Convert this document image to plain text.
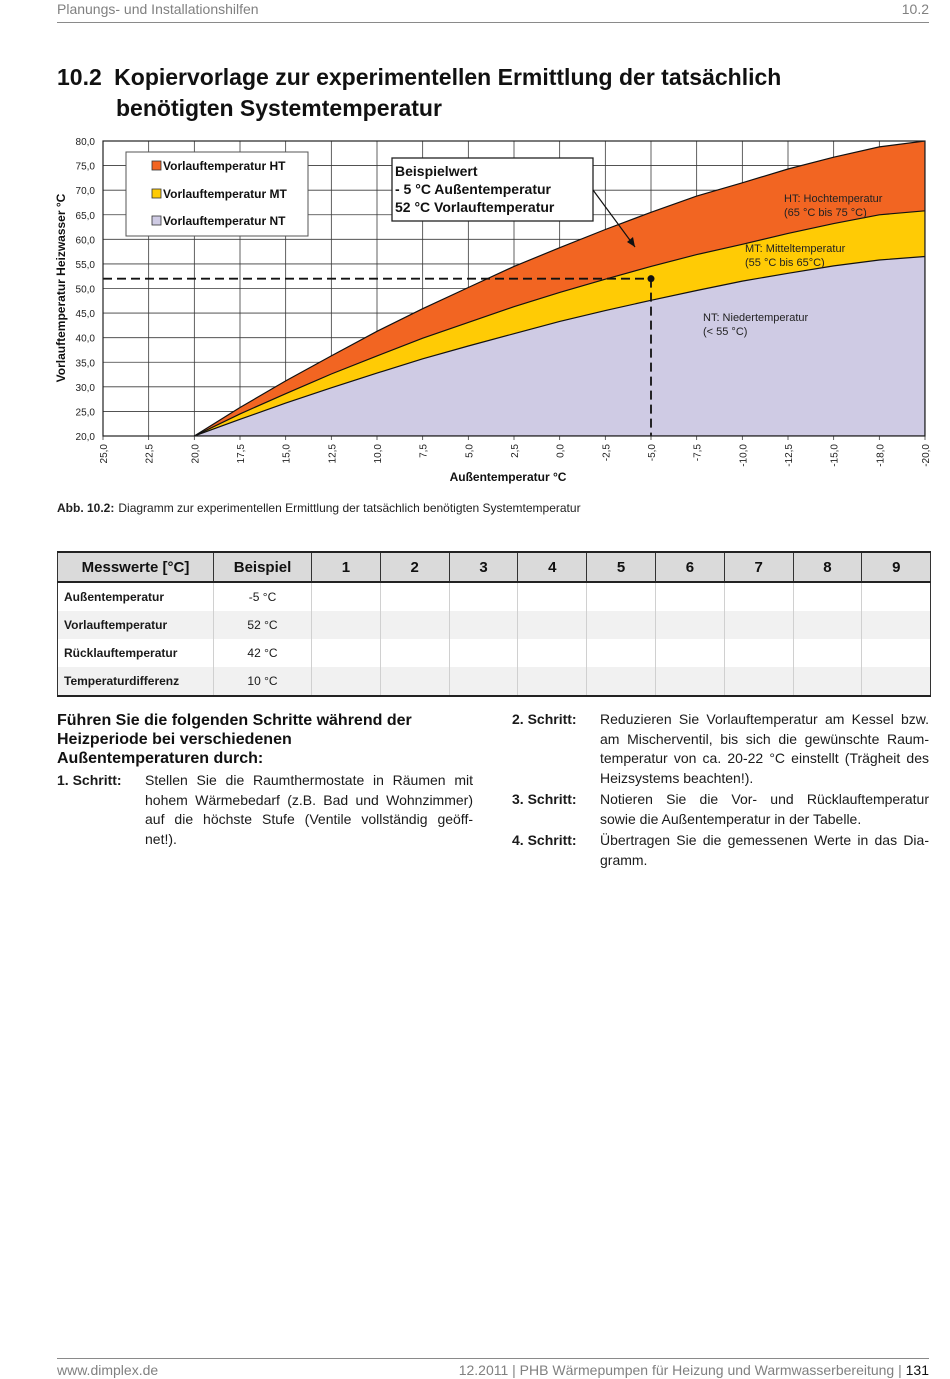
Planungs- und Installationshilfen	10.2
10.2 Kopiervorlage zur experimentellen Ermittlung der tatsächlich
benötigten Systemtemperatur
20,0
25,0
30,0
35,0
40,0
45,0
50,0
55,0
60,0
65,0
70,0
75,0
80,0
25,0	22,5	20,0	17,5	15,0	12,5	10,0	7,5	5,0	2,5	0,0	-2,5	-5,0	-7,5	-10,0	-12,5	-15,0	-18,0	-20,0
Vorlauftemperatur Heizwasser °C
Außentemperatur °C
Vorlauftemperatur HT
Vorlauftemperatur MT
Vorlauftemperatur NT
Beispielwert
- 5 °C Außentemperatur
52 °C Vorlauftemperatur	HT: Hochtemperatur
(65 °C bis 75 °C)
MT: Mitteltemperatur
(55 °C bis 65°C)
NT: Niedertemperatur
(< 55 °C)
Abb. 10.2: Diagramm zur experimentellen Ermittlung der tatsächlich benötigten Systemtemperatur
Messwerte [°C]	Beispiel	1	2	3	4	5	6	7	8	9
Außentemperatur	-5 °C									
Vorlauftemperatur	52 °C									
Rücklauftemperatur	42 °C									
Temperaturdifferenz	10 °C									
Führen Sie die folgenden Schritte während der
Heizperiode bei verschiedenen
Außentemperaturen durch:
1. Schritt: Stellen Sie die Raumthermostate in Räumen mit
hohem Wärmebedarf (z.B. Bad und Wohnzimmer)
auf die höchste Stufe (Ventile vollständig geöff-
net!).
2. Schritt: Reduzieren Sie Vorlauftemperatur am Kessel bzw.
am Mischerventil, bis sich die gewünschte Raum-
temperatur von ca. 20-22 °C einstellt (Trägheit des
Heizsystems beachten!).
3. Schritt: Notieren Sie die Vor- und Rücklauftemperatur
sowie die Außentemperatur in der Tabelle.
4. Schritt: Übertragen Sie die gemessenen Werte in das Dia-
gramm.
www.dimplex.de	12.2011 | PHB Wärmepumpen für Heizung und Warmwasserbereitung | 131
